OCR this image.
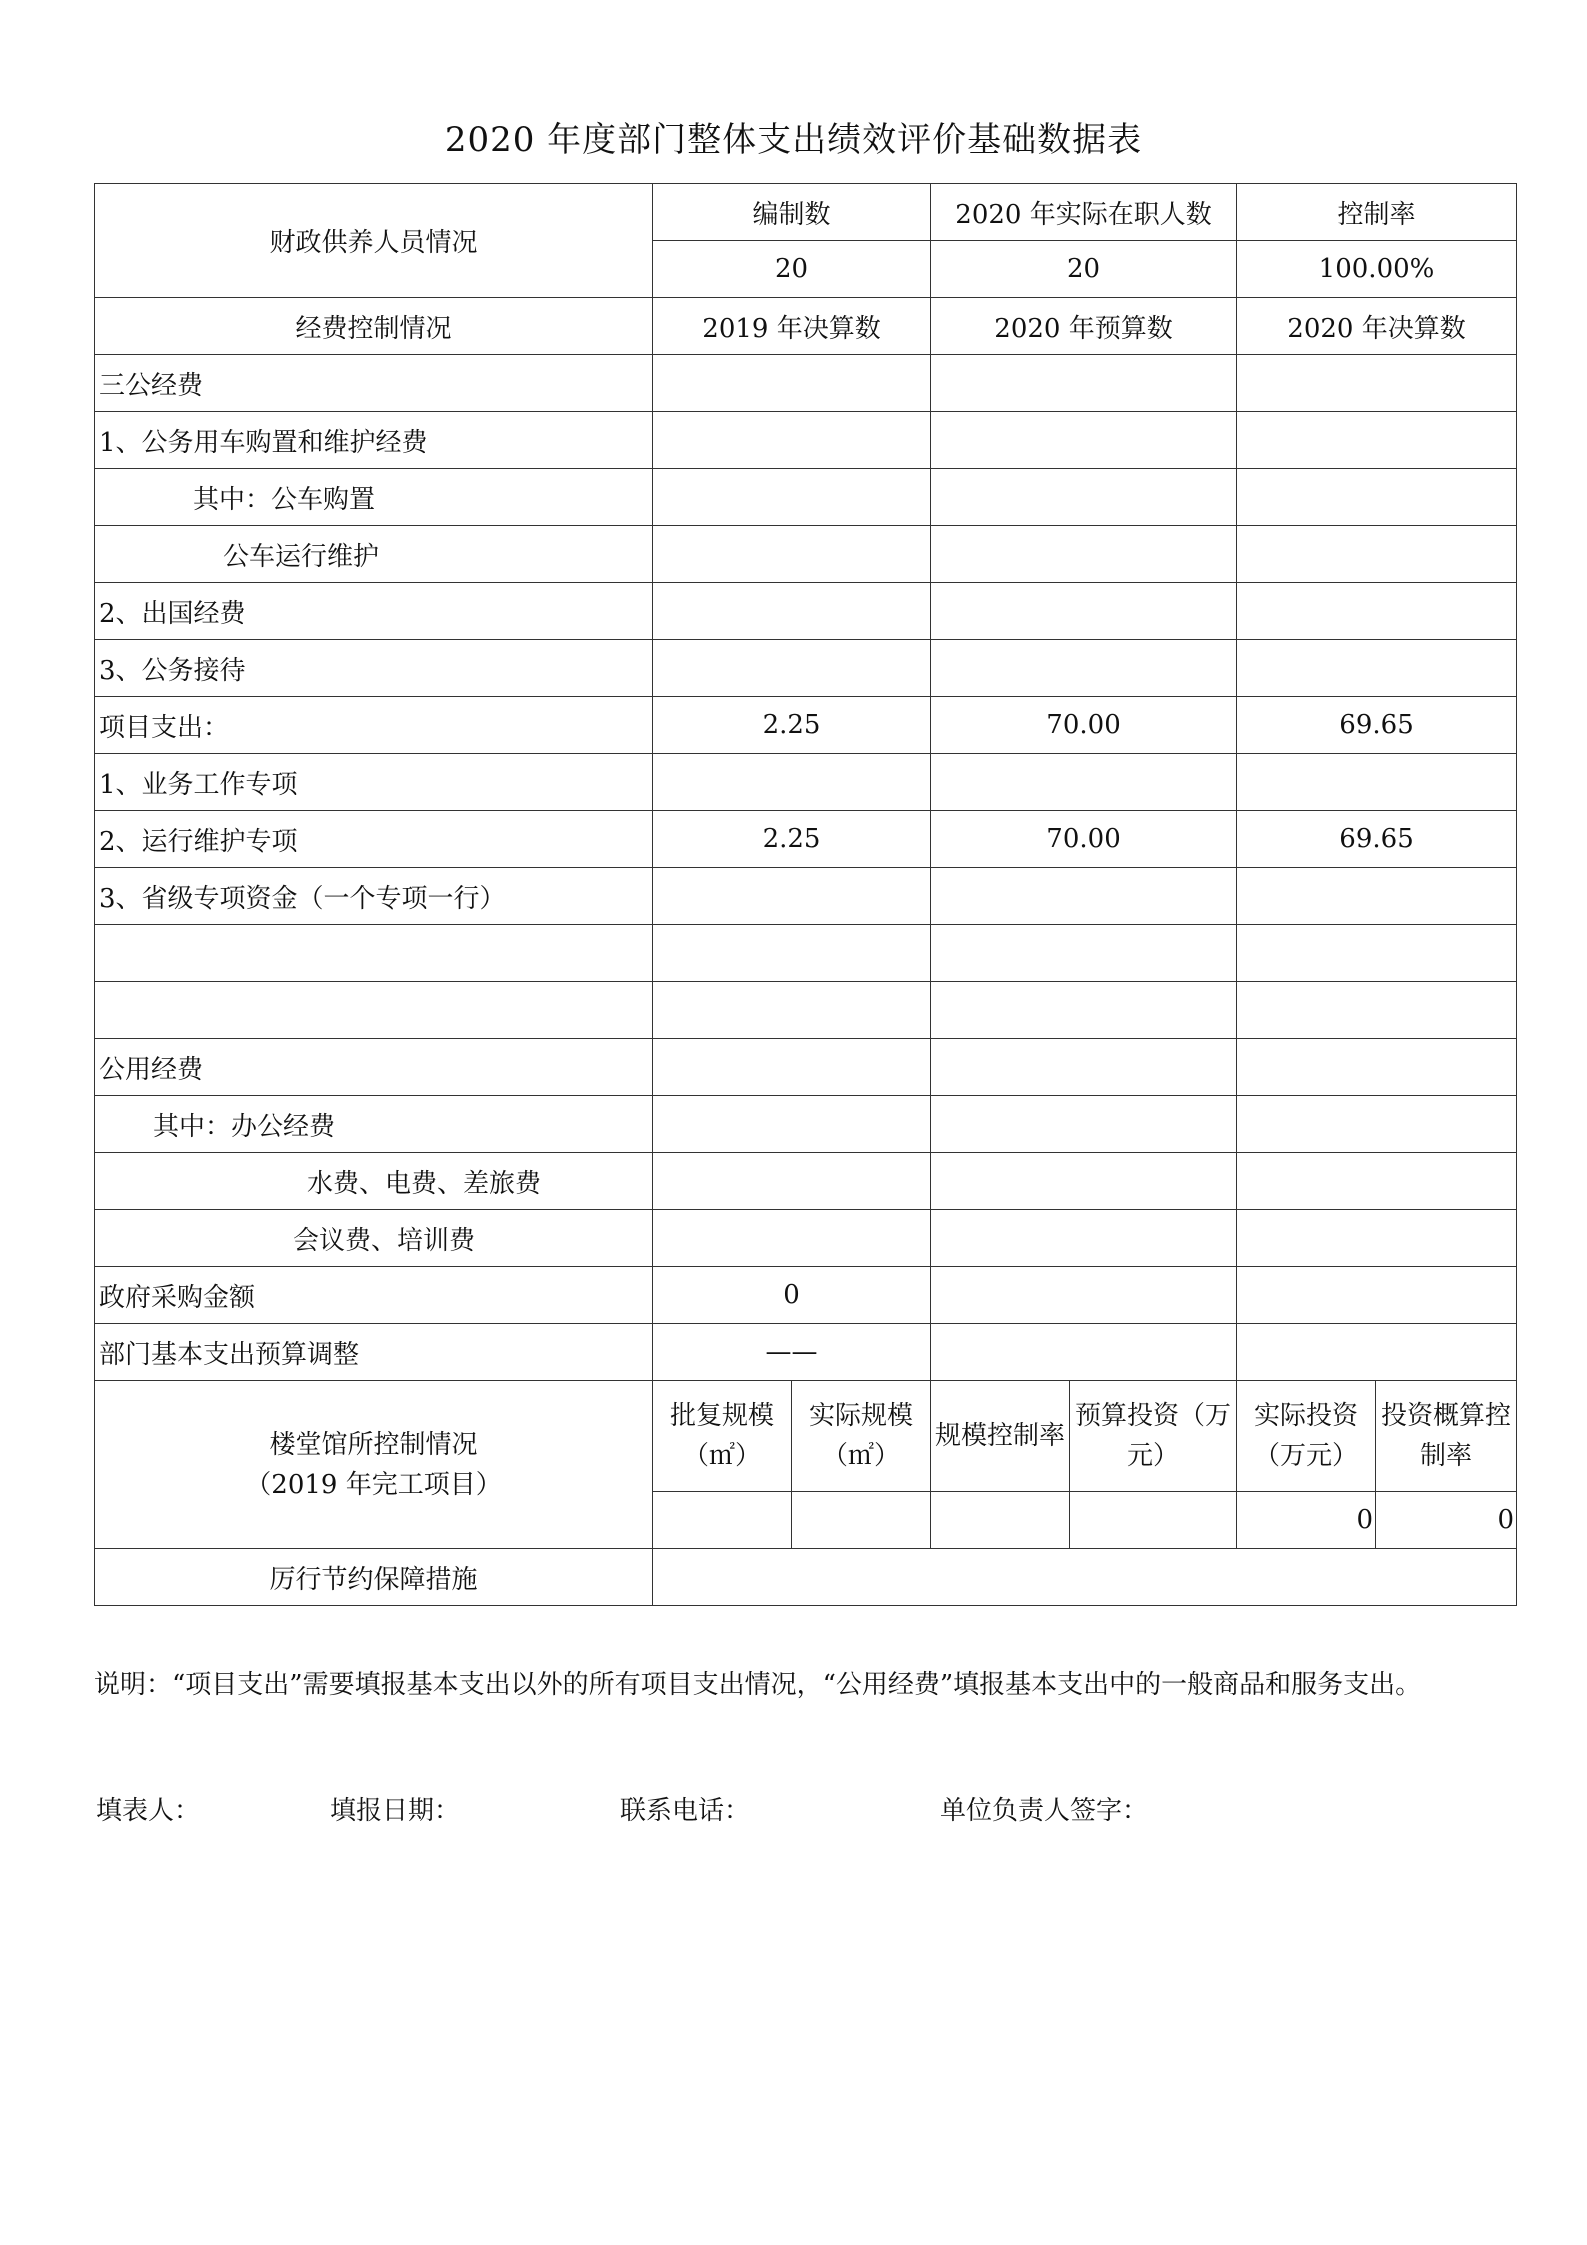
2020 年度部门整体支出绩效评价基础数据表
财政供养人员情况	编制数		2020 年实际在职人数		控制率	
	20		20		100.00%	
经费控制情况	2019 年决算数		2020 年预算数		2020 年决算数	
三公经费						
1、公务用车购置和维护经费						
其中：公车购置						
公车运行维护						
2、出国经费						
3、公务接待						
项目支出：	2.25		70.00		69.65	
1、业务工作专项						
2、运行维护专项	2.25		70.00		69.65	
3、省级专项资金（一个专项一行）						

公用经费						
其中：办公经费						
水费、电费、差旅费						
会议费、培训费						
政府采购金额	0					
部门基本支出预算调整	——					

楼堂馆所控制情况
（2019 年完工项目）	批复规模（㎡）	实际规模（㎡）	规模控制率	预算投资（万元）	实际投资（万元）	投资概算控制率
					0	0
厉行节约保障措施						
说明：“项目支出”需要填报基本支出以外的所有项目支出情况，“公用经费”填报基本支出中的一般商品和服务支出。
填表人：	填报日期：	联系电话：	单位负责人签字：
